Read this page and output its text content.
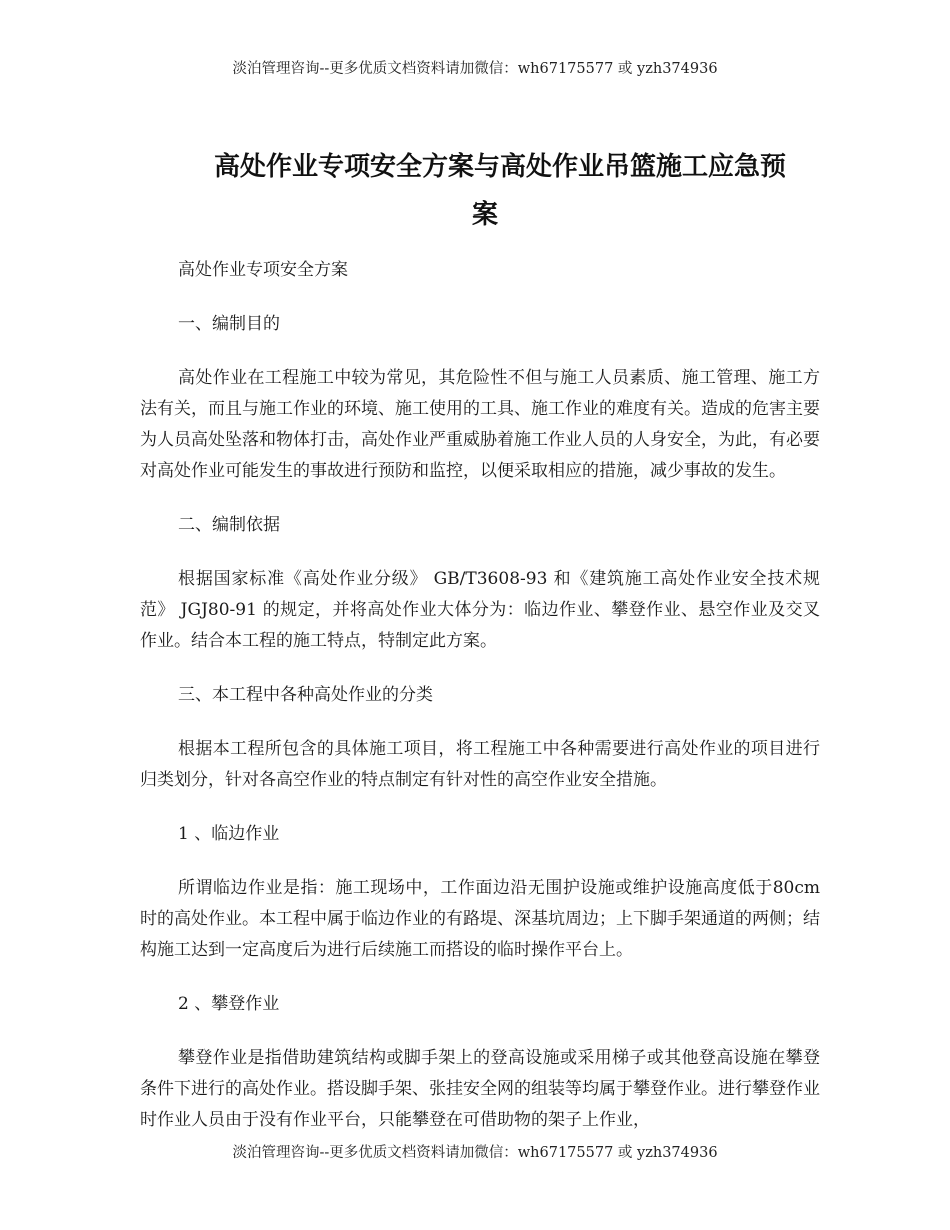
淡泊管理咨询--更多优质文档资料请加微信：wh67175577 或 yzh374936
高处作业专项安全方案与高处作业吊篮施工应急预
案

高处作业专项安全方案

一、编制目的

高处作业在工程施工中较为常见，其危险性不但与施工人员素质、施工管理、施工方法有关，而且与施工作业的环境、施工使用的工具、施工作业的难度有关。造成的危害主要为人员高处坠落和物体打击，高处作业严重威胁着施工作业人员的人身安全，为此，有必要对高处作业可能发生的事故进行预防和监控，以便采取相应的措施，减少事故的发生。

二、编制依据

根据国家标准《高处作业分级》 GB/T3608-93 和《建筑施工高处作业安全技术规范》 JGJ80-91 的规定，并将高处作业大体分为：临边作业、攀登作业、悬空作业及交叉作业。结合本工程的施工特点，特制定此方案。

三、本工程中各种高处作业的分类

根据本工程所包含的具体施工项目，将工程施工中各种需要进行高处作业的项目进行归类划分，针对各高空作业的特点制定有针对性的高空作业安全措施。

1 、临边作业

所谓临边作业是指：施工现场中，工作面边沿无围护设施或维护设施高度低于80cm 时的高处作业。本工程中属于临边作业的有路堤、深基坑周边；上下脚手架通道的两侧；结构施工达到一定高度后为进行后续施工而搭设的临时操作平台上。

2 、攀登作业

攀登作业是指借助建筑结构或脚手架上的登高设施或采用梯子或其他登高设施在攀登条件下进行的高处作业。搭设脚手架、张挂安全网的组装等均属于攀登作业。进行攀登作业时作业人员由于没有作业平台，只能攀登在可借助物的架子上作业，

淡泊管理咨询--更多优质文档资料请加微信：wh67175577 或 yzh374936
